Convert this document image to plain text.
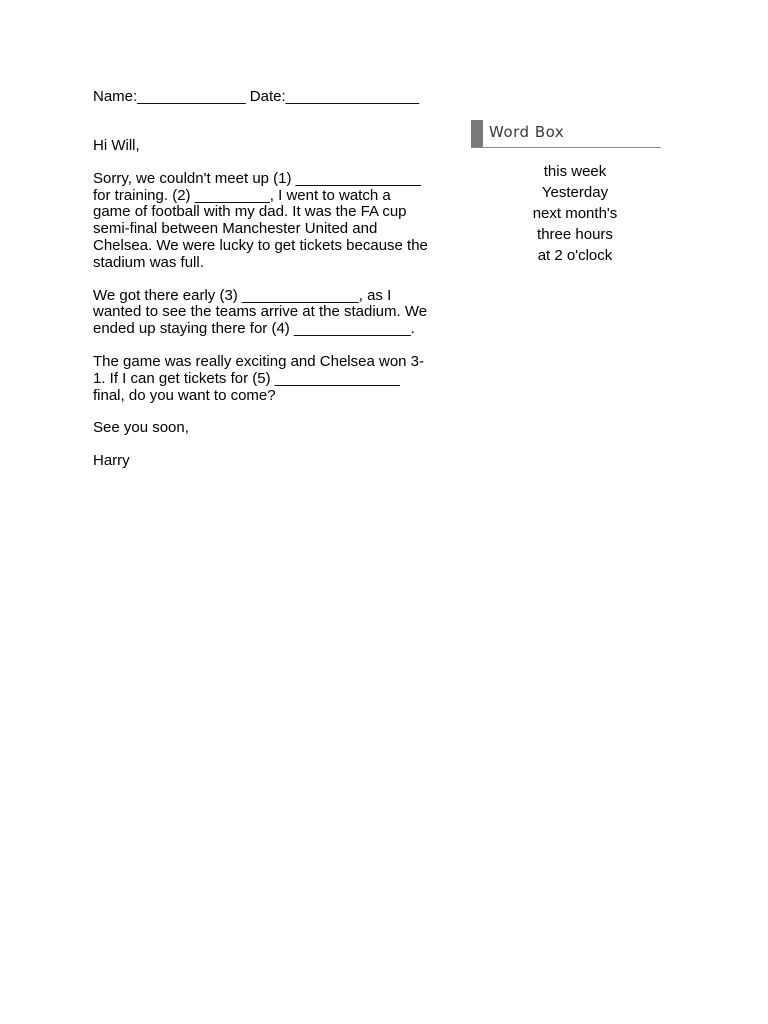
Name:_____________ Date:________________

Hi Will,

Sorry, we couldn't meet up (1) _______________
for training. (2) _________, I went to watch a
game of football with my dad. It was the FA cup
semi-final between Manchester United and
Chelsea. We were lucky to get tickets because the
stadium was full.

We got there early (3) ______________, as I
wanted to see the teams arrive at the stadium. We
ended up staying there for (4) ______________.

The game was really exciting and Chelsea won 3-
1. If I can get tickets for (5) _______________
final, do you want to come?

See you soon,

Harry

Word Box
this week
Yesterday
next month's
three hours
at 2 o'clock
